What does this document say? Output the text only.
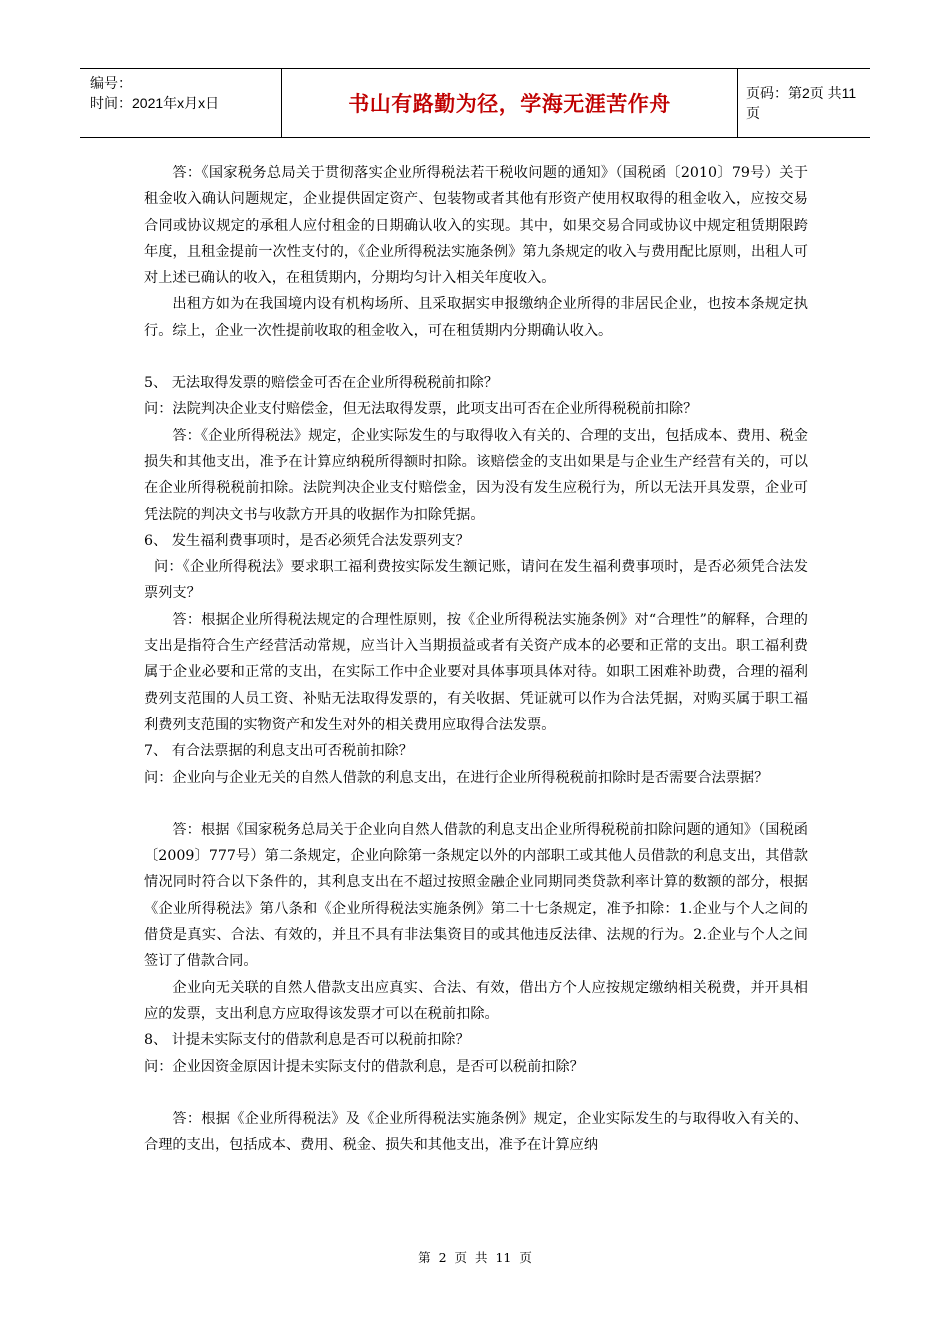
编号：
时间：2021年x月x日	书山有路勤为径，学海无涯苦作舟	页码：第2页 共11页

答：《国家税务总局关于贯彻落实企业所得税法若干税收问题的通知》（国税函〔2010〕79号）关于租金收入确认问题规定，企业提供固定资产、包装物或者其他有形资产使用权取得的租金收入，应按交易合同或协议规定的承租人应付租金的日期确认收入的实现。其中，如果交易合同或协议中规定租赁期限跨年度，且租金提前一次性支付的，《企业所得税法实施条例》第九条规定的收入与费用配比原则，出租人可对上述已确认的收入，在租赁期内，分期均匀计入相关年度收入。

出租方如为在我国境内设有机构场所、且采取据实申报缴纳企业所得的非居民企业，也按本条规定执行。综上，企业一次性提前收取的租金收入，可在租赁期内分期确认收入。

5、 无法取得发票的赔偿金可否在企业所得税税前扣除？

问：法院判决企业支付赔偿金，但无法取得发票，此项支出可否在企业所得税税前扣除？

答：《企业所得税法》规定，企业实际发生的与取得收入有关的、合理的支出，包括成本、费用、税金损失和其他支出，准予在计算应纳税所得额时扣除。该赔偿金的支出如果是与企业生产经营有关的，可以在企业所得税税前扣除。法院判决企业支付赔偿金，因为没有发生应税行为，所以无法开具发票，企业可凭法院的判决文书与收款方开具的收据作为扣除凭据。

6、 发生福利费事项时，是否必须凭合法发票列支？

问：《企业所得税法》要求职工福利费按实际发生额记账，请问在发生福利费事项时，是否必须凭合法发票列支？

答：根据企业所得税法规定的合理性原则，按《企业所得税法实施条例》对“合理性”的解释，合理的支出是指符合生产经营活动常规，应当计入当期损益或者有关资产成本的必要和正常的支出。职工福利费属于企业必要和正常的支出，在实际工作中企业要对具体事项具体对待。如职工困难补助费，合理的福利费列支范围的人员工资、补贴无法取得发票的，有关收据、凭证就可以作为合法凭据，对购买属于职工福利费列支范围的实物资产和发生对外的相关费用应取得合法发票。

7、 有合法票据的利息支出可否税前扣除？

问：企业向与企业无关的自然人借款的利息支出，在进行企业所得税税前扣除时是否需要合法票据？

答：根据《国家税务总局关于企业向自然人借款的利息支出企业所得税税前扣除问题的通知》（国税函〔2009〕777号）第二条规定，企业向除第一条规定以外的内部职工或其他人员借款的利息支出，其借款情况同时符合以下条件的，其利息支出在不超过按照金融企业同期同类贷款利率计算的数额的部分，根据《企业所得税法》第八条和《企业所得税法实施条例》第二十七条规定，准予扣除：1.企业与个人之间的借贷是真实、合法、有效的，并且不具有非法集资目的或其他违反法律、法规的行为。2.企业与个人之间签订了借款合同。

企业向无关联的自然人借款支出应真实、合法、有效，借出方个人应按规定缴纳相关税费，并开具相应的发票，支出利息方应取得该发票才可以在税前扣除。

8、 计提未实际支付的借款利息是否可以税前扣除？

问：企业因资金原因计提未实际支付的借款利息，是否可以税前扣除？

答：根据《企业所得税法》及《企业所得税法实施条例》规定，企业实际发生的与取得收入有关的、合理的支出，包括成本、费用、税金、损失和其他支出，准予在计算应纳

第 2 页 共 11 页
